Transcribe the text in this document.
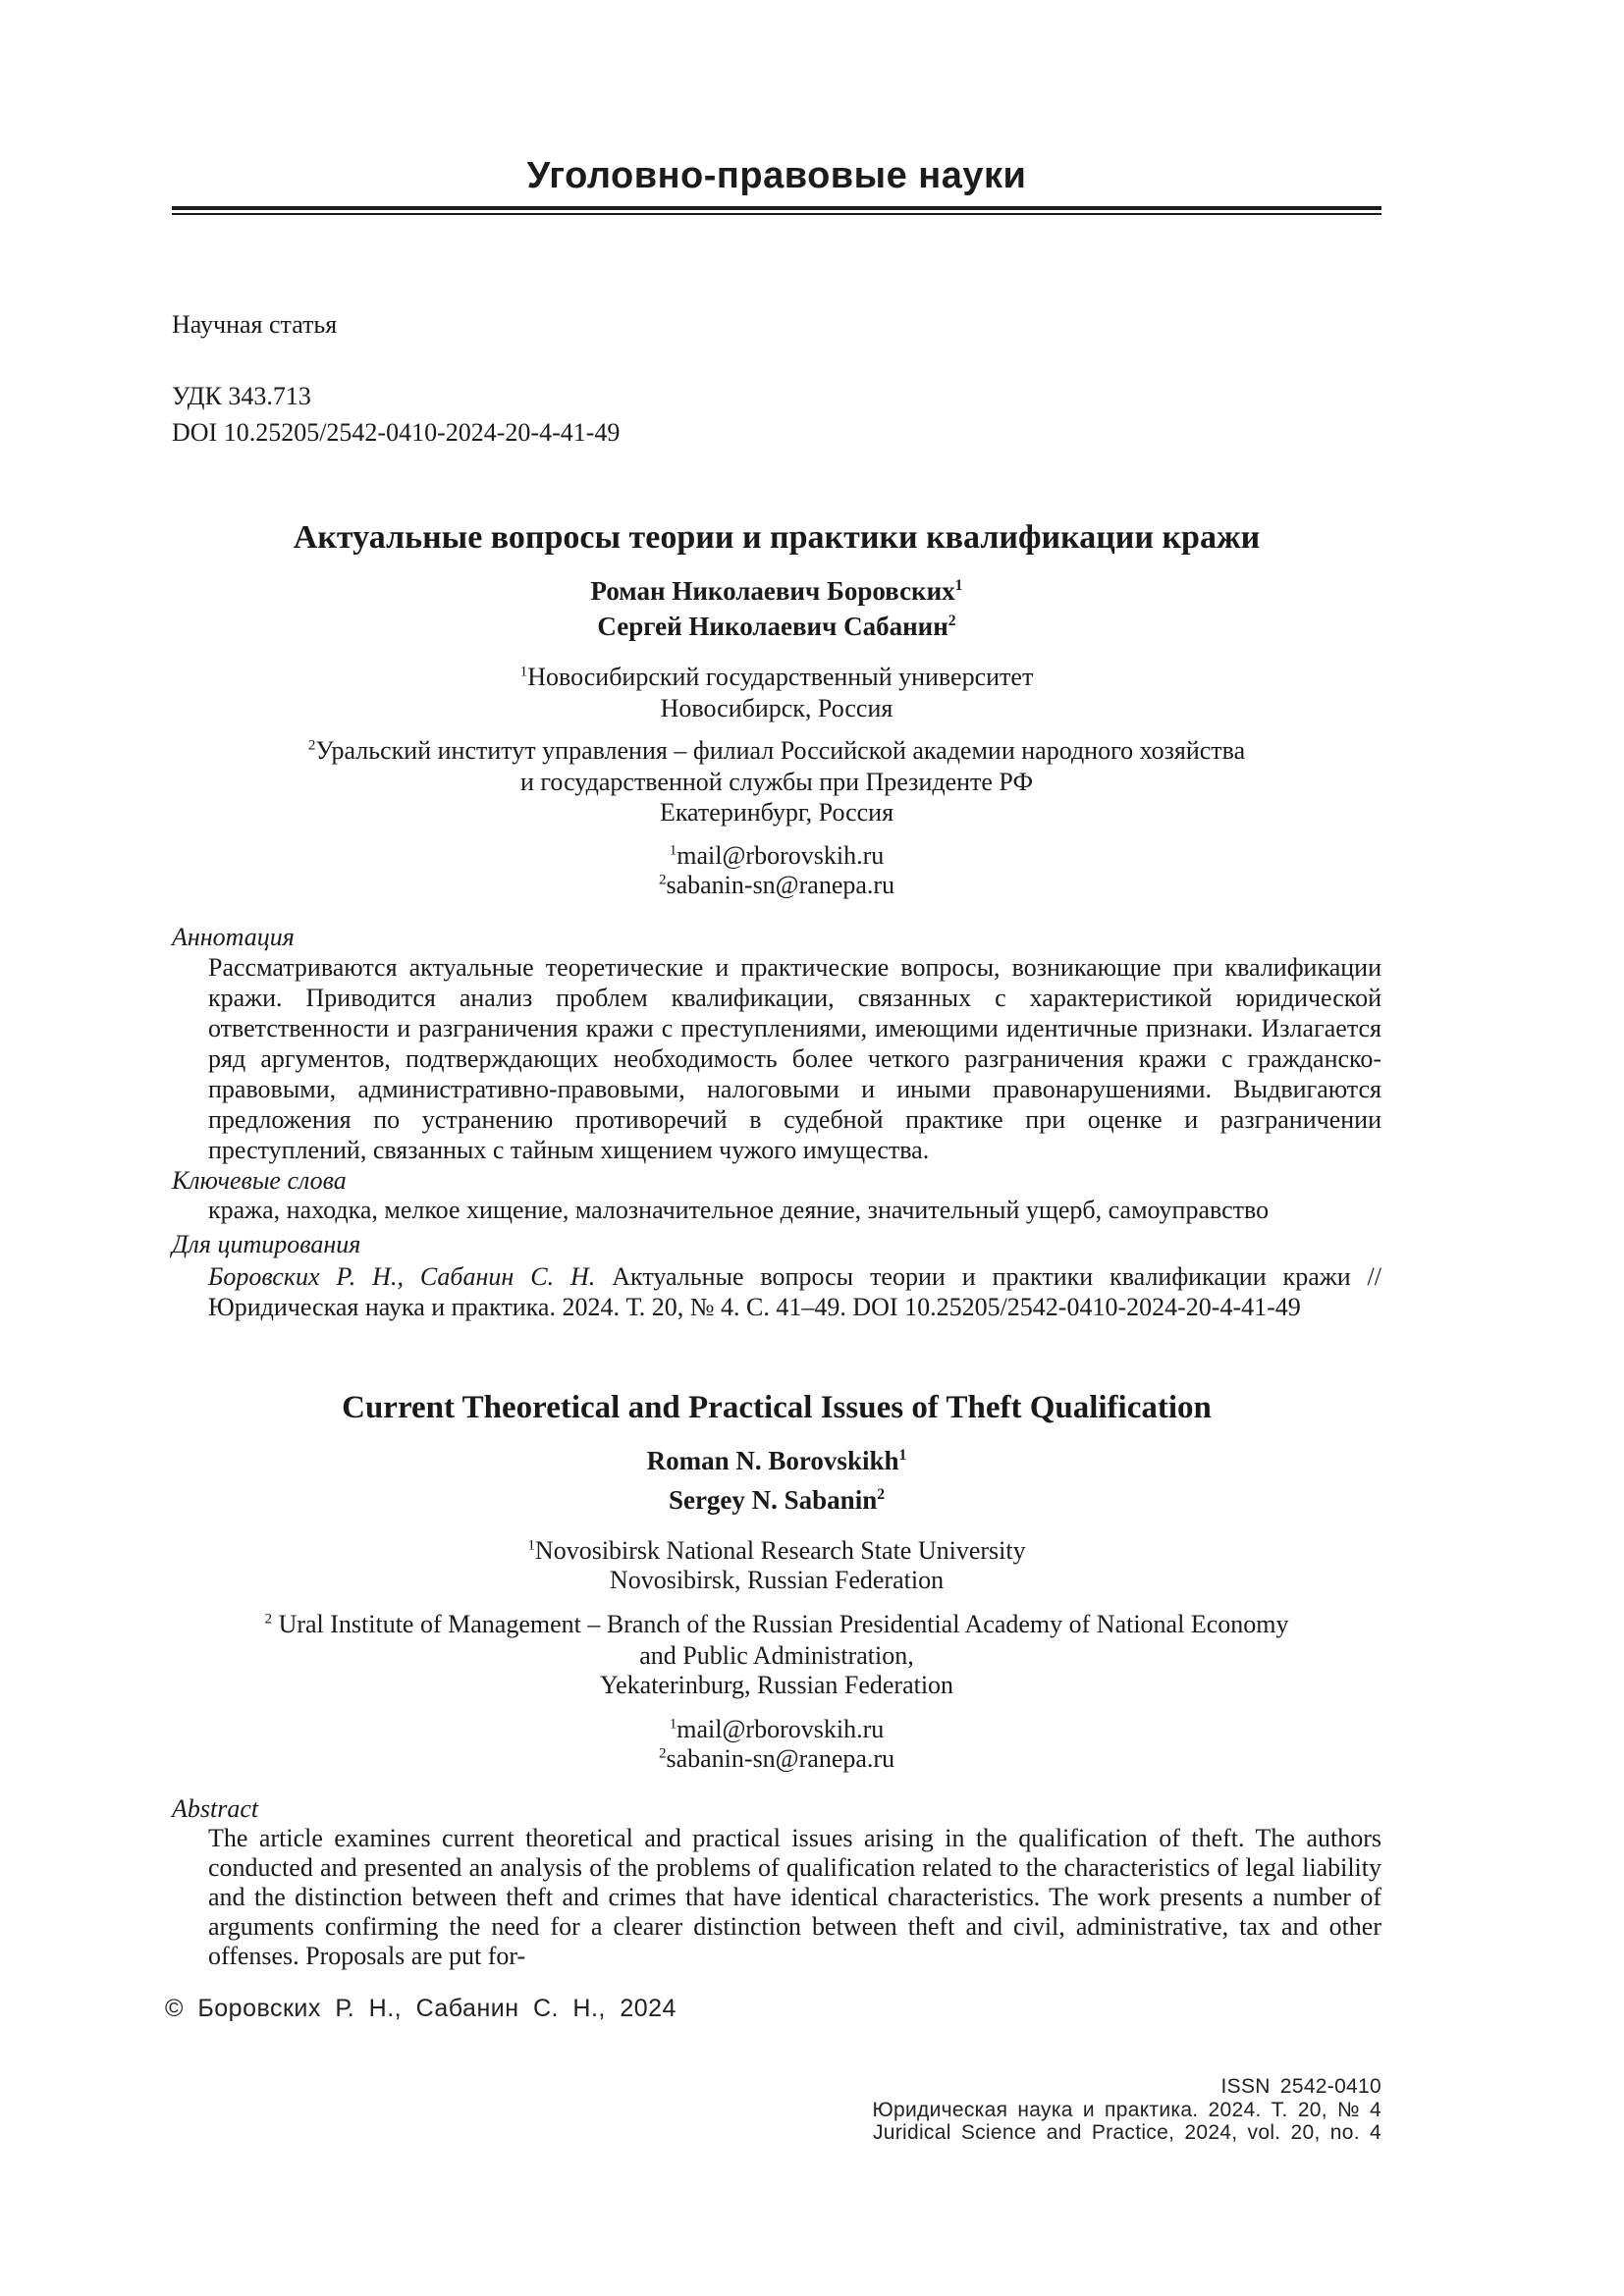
Уголовно-правовые науки
Научная статья
УДК 343.713
DOI 10.25205/2542-0410-2024-20-4-41-49
Актуальные вопросы теории и практики квалификации кражи
Роман Николаевич Боровских$^1$
Сергей Николаевич Сабанин$^2$
$^1$Новосибирский государственный университет
Новосибирск, Россия
$^2$Уральский институт управления – филиал Российской академии народного хозяйства
и государственной службы при Президенте РФ
Екатеринбург, Россия
$^1$mail@rborovskih.ru
$^2$sabanin-sn@ranepa.ru
Аннотация
Рассматриваются актуальные теоретические и практические вопросы, возникающие при квалификации кражи. Приводится анализ проблем квалификации, связанных с характеристикой юридической ответственности и разграничения кражи с преступлениями, имеющими идентичные признаки. Излагается ряд аргументов, подтверждающих необходимость более четкого разграничения кражи с гражданско-правовыми, административно-правовыми, налоговыми и иными правонарушениями. Выдвигаются предложения по устранению противоречий в судебной практике при оценке и разграничении преступлений, связанных с тайным хищением чужого имущества.
Ключевые слова
кража, находка, мелкое хищение, малозначительное деяние, значительный ущерб, самоуправство
Для цитирования
Боровских Р. Н., Сабанин С. Н. Актуальные вопросы теории и практики квалификации кражи // Юридическая наука и практика. 2024. Т. 20, № 4. С. 41–49. DOI 10.25205/2542-0410-2024-20-4-41-49
Current Theoretical and Practical Issues of Theft Qualification
Roman N. Borovskikh$^1$
Sergey N. Sabanin$^2$
$^1$Novosibirsk National Research State University
Novosibirsk, Russian Federation
$^2$ Ural Institute of Management – Branch of the Russian Presidential Academy of National Economy
and Public Administration,
Yekaterinburg, Russian Federation
$^1$mail@rborovskih.ru
$^2$sabanin-sn@ranepa.ru
Abstract
The article examines current theoretical and practical issues arising in the qualification of theft. The authors conducted and presented an analysis of the problems of qualification related to the characteristics of legal liability and the distinction between theft and crimes that have identical characteristics. The work presents a number of arguments confirming the need for a clearer distinction between theft and civil, administrative, tax and other offenses. Proposals are put for-
© Боровских Р. Н., Сабанин С. Н., 2024
ISSN 2542-0410
Юридическая наука и практика. 2024. Т. 20, № 4
Juridical Science and Practice, 2024, vol. 20, no. 4
